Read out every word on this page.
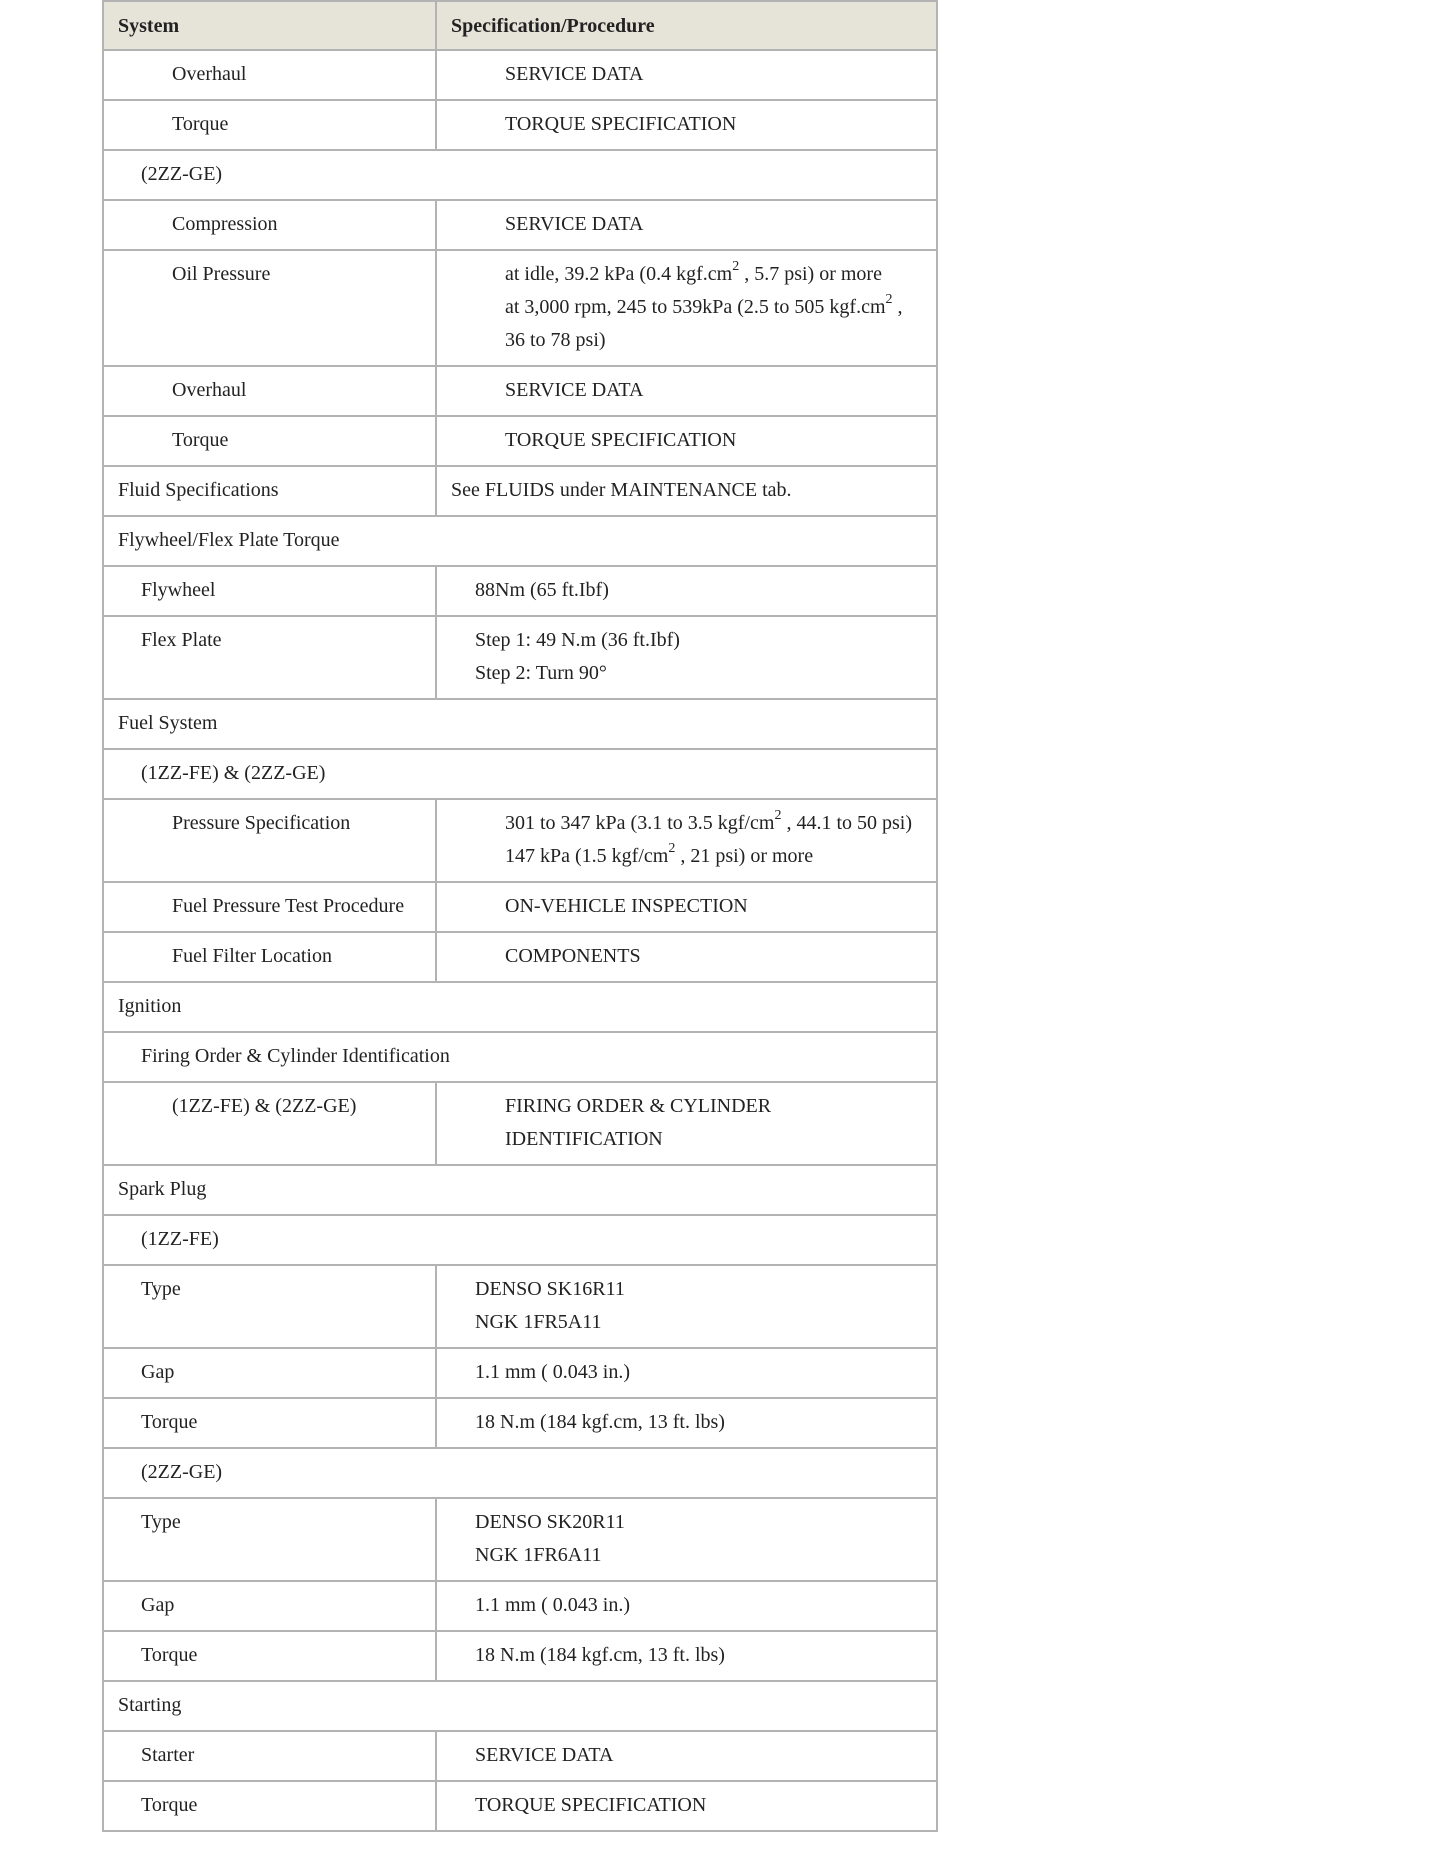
System	Specification/Procedure
Overhaul	SERVICE DATA
Torque	TORQUE SPECIFICATION
(2ZZ-GE)	
Compression	SERVICE DATA
Oil Pressure	at idle, 39.2 kPa (0.4 $kgf.cm^2$ , 5.7 psi) or more
at 3,000 rpm, 245 to 539kPa (2.5 to 505 $kgf.cm^2$ , 36 to 78 psi)

Overhaul	SERVICE DATA
Torque	TORQUE SPECIFICATION
Fluid Specifications	See FLUIDS under MAINTENANCE tab.
Flywheel/Flex Plate Torque	
Flywheel	88Nm (65 ft.Ibf)
Flex Plate	Step 1: 49 N.m (36 ft.Ibf)
Step 2: Turn 90°

Fuel System	
(1ZZ-FE) & (2ZZ-GE)	
Pressure Specification	301 to 347 kPa (3.1 to 3.5 kgf/$cm^2$ , 44.1 to 50 psi)
147 kPa (1.5 kgf/$cm^2$ , 21 psi) or more

Fuel Pressure Test Procedure	ON-VEHICLE INSPECTION
Fuel Filter Location	COMPONENTS
Ignition	
Firing Order & Cylinder Identification	
(1ZZ-FE) & (2ZZ-GE)	FIRING ORDER & CYLINDER IDENTIFICATION
Spark Plug	
(1ZZ-FE)	
Type	DENSO SK16R11
NGK 1FR5A11

Gap	1.1 mm ( 0.043 in.)
Torque	18 N.m (184 kgf.cm, 13 ft. lbs)
(2ZZ-GE)	
Type	DENSO SK20R11
NGK 1FR6A11

Gap	1.1 mm ( 0.043 in.)
Torque	18 N.m (184 kgf.cm, 13 ft. lbs)
Starting	
Starter	SERVICE DATA
Torque	TORQUE SPECIFICATION
